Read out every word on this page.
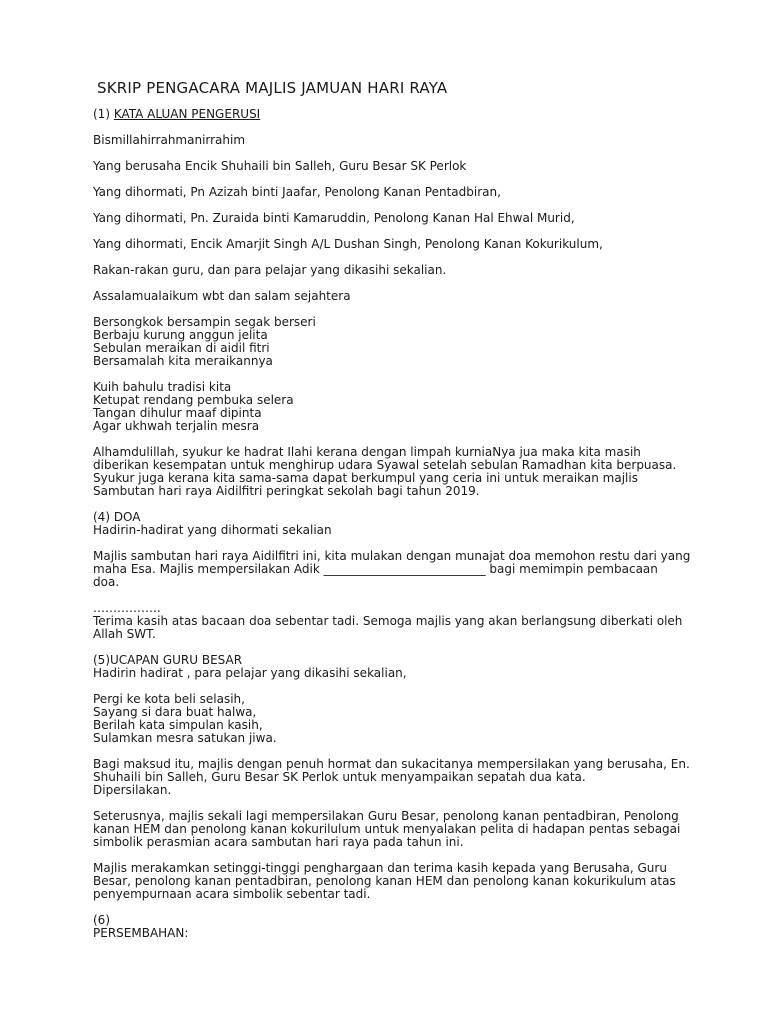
SKRIP PENGACARA MAJLIS JAMUAN HARI RAYA
(1) KATA ALUAN PENGERUSI
Bismillahirrahmanirrahim
Yang berusaha Encik Shuhaili bin Salleh, Guru Besar SK Perlok
Yang dihormati, Pn Azizah binti Jaafar, Penolong Kanan Pentadbiran,
Yang dihormati, Pn. Zuraida binti Kamaruddin, Penolong Kanan Hal Ehwal Murid,
Yang dihormati, Encik Amarjit Singh A/L Dushan Singh, Penolong Kanan Kokurikulum,
Rakan-rakan guru, dan para pelajar yang dikasihi sekalian.
Assalamualaikum wbt dan salam sejahtera
Bersongkok bersampin segak berseri
Berbaju kurung anggun jelita
Sebulan meraikan di aidil fitri
Bersamalah kita meraikannya
Kuih bahulu tradisi kita
Ketupat rendang pembuka selera
Tangan dihulur maaf dipinta
Agar ukhwah terjalin mesra
Alhamdulillah, syukur ke hadrat Ilahi kerana dengan limpah kurniaNya jua maka kita masih
diberikan kesempatan untuk menghirup udara Syawal setelah sebulan Ramadhan kita berpuasa.
Syukur juga kerana kita sama-sama dapat berkumpul yang ceria ini untuk meraikan majlis
Sambutan hari raya Aidilfitri peringkat sekolah bagi tahun 2019.
(4) DOA
Hadirin-hadirat yang dihormati sekalian
Majlis sambutan hari raya Aidilfitri ini, kita mulakan dengan munajat doa memohon restu dari yang
maha Esa. Majlis mempersilakan Adik ___________________________ bagi memimpin pembacaan
doa.
……………..
Terima kasih atas bacaan doa sebentar tadi. Semoga majlis yang akan berlangsung diberkati oleh
Allah SWT.
(5)UCAPAN GURU BESAR
Hadirin hadirat , para pelajar yang dikasihi sekalian,
Pergi ke kota beli selasih,
Sayang si dara buat halwa,
Berilah kata simpulan kasih,
Sulamkan mesra satukan jiwa.
Bagi maksud itu, majlis dengan penuh hormat dan sukacitanya mempersilakan yang berusaha, En.
Shuhaili bin Salleh, Guru Besar SK Perlok untuk menyampaikan sepatah dua kata.
Dipersilakan.
Seterusnya, majlis sekali lagi mempersilakan Guru Besar, penolong kanan pentadbiran, Penolong
kanan HEM dan penolong kanan kokurilulum untuk menyalakan pelita di hadapan pentas sebagai
simbolik perasmian acara sambutan hari raya pada tahun ini.
Majlis merakamkan setinggi-tinggi penghargaan dan terima kasih kepada yang Berusaha, Guru
Besar, penolong kanan pentadbiran, penolong kanan HEM dan penolong kanan kokurikulum atas
penyempurnaan acara simbolik sebentar tadi.
(6)
PERSEMBAHAN:
